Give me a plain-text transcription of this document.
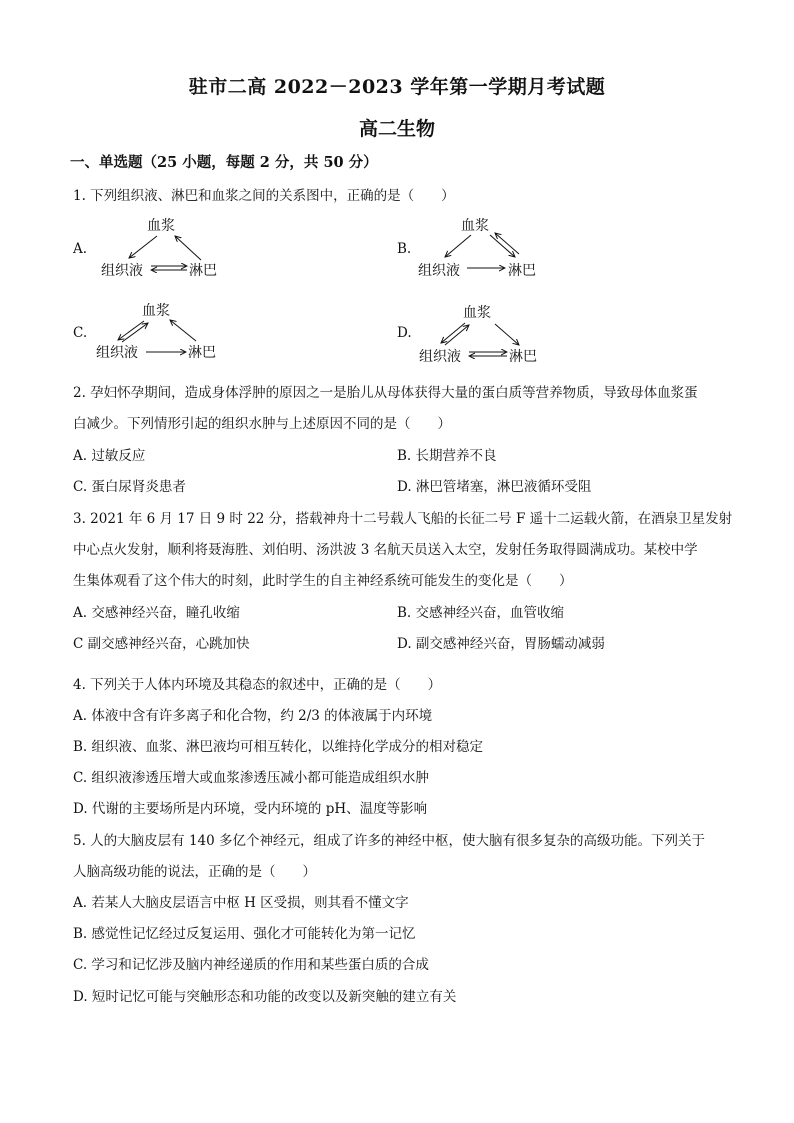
驻市二高 2022－2023 学年第一学期月考试题
高二生物
一、单选题（25 小题，每题 2 分，共 50 分）
1. 下列组织液、淋巴和血浆之间的关系图中，正确的是（　　）
A.
血浆
组织液	淋巴
B.
血浆
组织液	淋巴
C.
血浆
组织液	淋巴
D.
血浆
组织液	淋巴
2. 孕妇怀孕期间，造成身体浮肿的原因之一是胎儿从母体获得大量的蛋白质等营养物质，导致母体血浆蛋
白减少。下列情形引起的组织水肿与上述原因不同的是（　　）
A. 过敏反应	B. 长期营养不良
C. 蛋白尿肾炎患者	D. 淋巴管堵塞，淋巴液循环受阻
3. 2021 年 6 月 17 日 9 时 22 分，搭载神舟十二号载人飞船的长征二号 F 遥十二运载火箭，在酒泉卫星发射
中心点火发射，顺利将聂海胜、刘伯明、汤洪波 3 名航天员送入太空，发射任务取得圆满成功。某校中学
生集体观看了这个伟大的时刻，此时学生的自主神经系统可能发生的变化是（　　）
A. 交感神经兴奋，瞳孔收缩	B. 交感神经兴奋，血管收缩
C 副交感神经兴奋，心跳加快	D. 副交感神经兴奋，胃肠蠕动减弱
4. 下列关于人体内环境及其稳态的叙述中，正确的是（　　）
A. 体液中含有许多离子和化合物，约 2/3 的体液属于内环境
B. 组织液、血浆、淋巴液均可相互转化，以维持化学成分的相对稳定
C. 组织液渗透压增大或血浆渗透压减小都可能造成组织水肿
D. 代谢的主要场所是内环境，受内环境的 pH、温度等影响
5. 人的大脑皮层有 140 多亿个神经元，组成了许多的神经中枢，使大脑有很多复杂的高级功能。下列关于
人脑高级功能的说法，正确的是（　　）
A. 若某人大脑皮层语言中枢 H 区受损，则其看不懂文字
B. 感觉性记忆经过反复运用、强化才可能转化为第一记忆
C. 学习和记忆涉及脑内神经递质的作用和某些蛋白质的合成
D. 短时记忆可能与突触形态和功能的改变以及新突触的建立有关
